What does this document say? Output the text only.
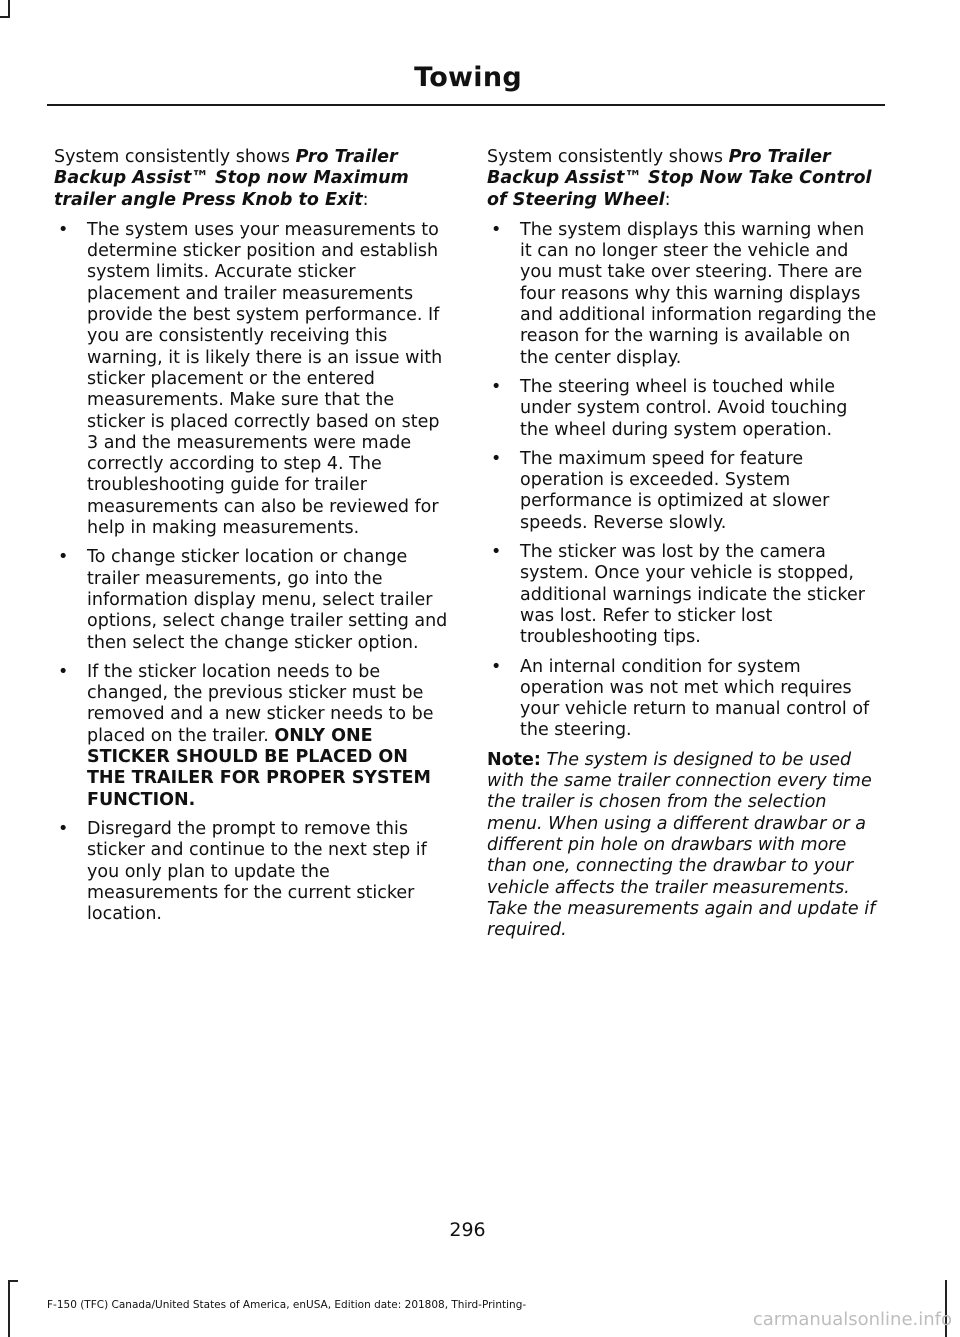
Towing

System consistently shows Pro Trailer Backup Assist™ Stop now Maximum trailer angle Press Knob to Exit:

• The system uses your measurements to determine sticker position and establish system limits. Accurate sticker placement and trailer measurements provide the best system performance. If you are consistently receiving this warning, it is likely there is an issue with sticker placement or the entered measurements. Make sure that the sticker is placed correctly based on step 3 and the measurements were made correctly according to step 4. The troubleshooting guide for trailer measurements can also be reviewed for help in making measurements.
• To change sticker location or change trailer measurements, go into the information display menu, select trailer options, select change trailer setting and then select the change sticker option.
• If the sticker location needs to be changed, the previous sticker must be removed and a new sticker needs to be placed on the trailer. ONLY ONE STICKER SHOULD BE PLACED ON THE TRAILER FOR PROPER SYSTEM FUNCTION.
• Disregard the prompt to remove this sticker and continue to the next step if you only plan to update the measurements for the current sticker location.

System consistently shows Pro Trailer Backup Assist™ Stop Now Take Control of Steering Wheel:

• The system displays this warning when it can no longer steer the vehicle and you must take over steering. There are four reasons why this warning displays and additional information regarding the reason for the warning is available on the center display.
• The steering wheel is touched while under system control. Avoid touching the wheel during system operation.
• The maximum speed for feature operation is exceeded. System performance is optimized at slower speeds. Reverse slowly.
• The sticker was lost by the camera system. Once your vehicle is stopped, additional warnings indicate the sticker was lost. Refer to sticker lost troubleshooting tips.
• An internal condition for system operation was not met which requires your vehicle return to manual control of the steering.

Note: The system is designed to be used with the same trailer connection every time the trailer is chosen from the selection menu. When using a different drawbar or a different pin hole on drawbars with more than one, connecting the drawbar to your vehicle affects the trailer measurements. Take the measurements again and update if required.

296
F-150 (TFC) Canada/United States of America, enUSA, Edition date: 201808, Third-Printing-
carmanualsonline.info
